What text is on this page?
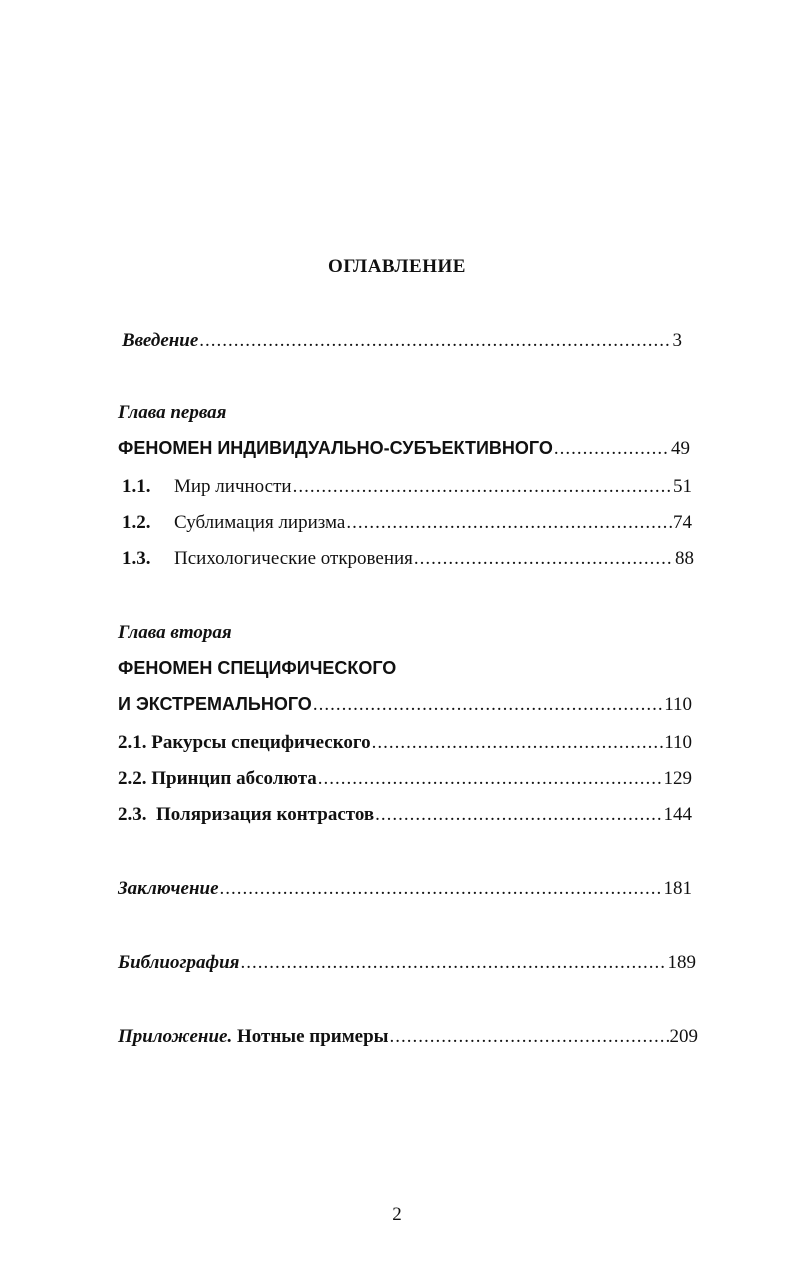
ОГЛАВЛЕНИЕ
Введение .....	3
Глава первая
ФЕНОМЕН ИНДИВИДУАЛЬНО-СУБЪЕКТИВНОГО .....	49
1.1. Мир личности .....	51
1.2. Сублимация лиризма .....	74
1.3. Психологические откровения .....	88
Глава вторая
ФЕНОМЕН СПЕЦИФИЧЕСКОГО
И ЭКСТРЕМАЛЬНОГО .....	110
2.1. Ракурсы специфического .....	110
2.2. Принцип абсолюта .....	129
2.3. Поляризация контрастов .....	144
Заключение .....	181
Библиография .....	189
Приложение. Нотные примеры .....	209
2
